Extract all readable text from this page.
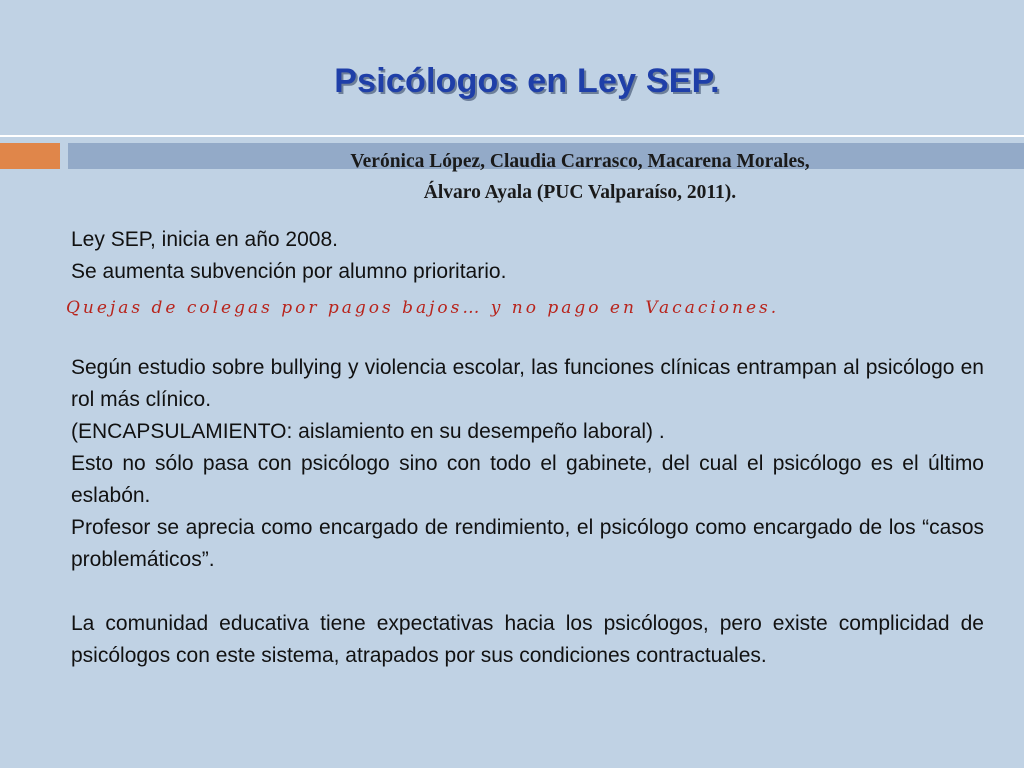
Psicólogos en Ley SEP.
Verónica López, Claudia Carrasco, Macarena Morales,
Álvaro Ayala (PUC Valparaíso, 2011).

Ley SEP, inicia en año 2008.

Se aumenta subvención por alumno prioritario.

Según estudio sobre bullying y violencia escolar, las funciones clínicas entrampan al psicólogo en rol más clínico.

(ENCAPSULAMIENTO: aislamiento en su desempeño laboral) .

Esto no sólo pasa con psicólogo sino con todo el gabinete, del cual el psicólogo es el último eslabón.

Profesor se aprecia como encargado de rendimiento, el psicólogo como encargado de los “casos problemáticos”.

La comunidad educativa tiene expectativas hacia los psicólogos, pero existe complicidad de psicólogos con este sistema, atrapados por sus condiciones contractuales.

Quejas de colegas por pagos bajos… y no pago en Vacaciones.
